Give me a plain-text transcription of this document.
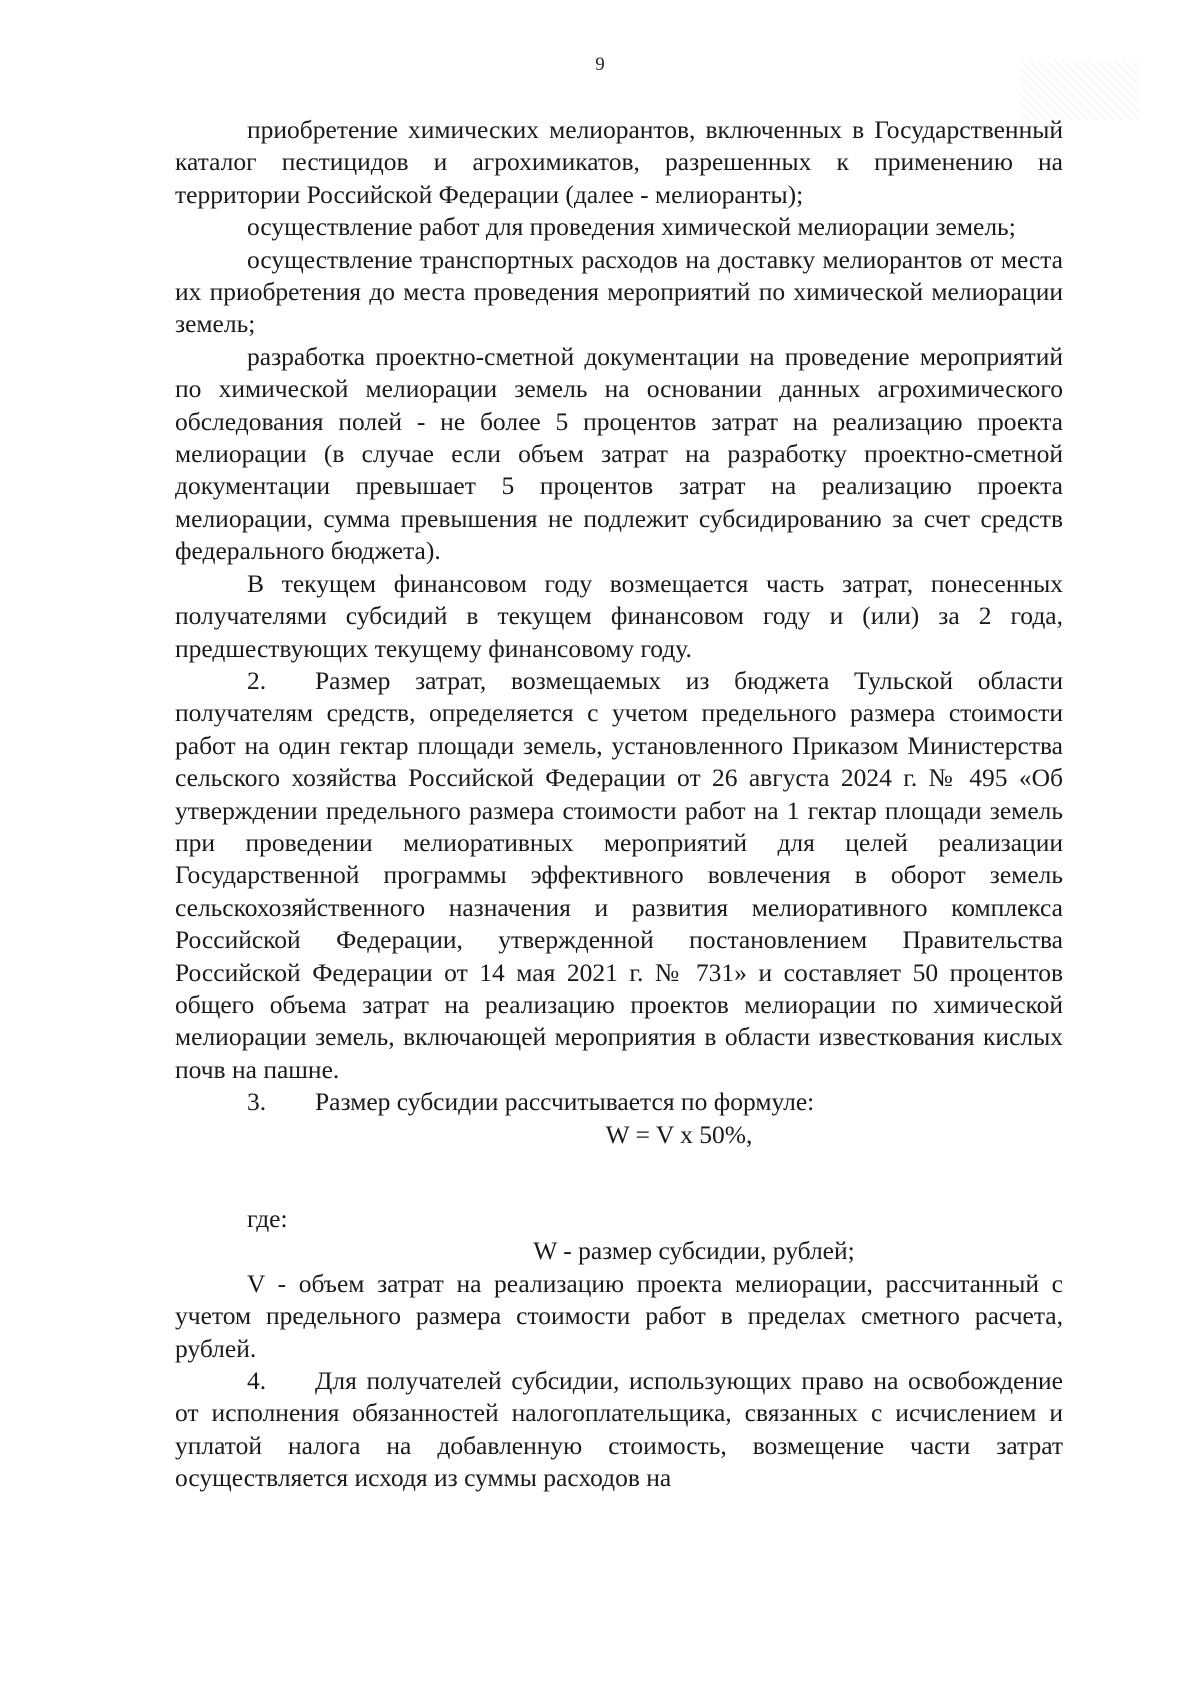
9

приобретение химических мелиорантов, включенных в Государственный каталог пестицидов и агрохимикатов, разрешенных к применению на территории Российской Федерации (далее - мелиоранты);

осуществление работ для проведения химической мелиорации земель;

осуществление транспортных расходов на доставку мелиорантов от места их приобретения до места проведения мероприятий по химической мелиорации земель;

разработка проектно-сметной документации на проведение мероприятий по химической мелиорации земель на основании данных агрохимического обследования полей - не более 5 процентов затрат на реализацию проекта мелиорации (в случае если объем затрат на разработку проектно-сметной документации превышает 5 процентов затрат на реализацию проекта мелиорации, сумма превышения не подлежит субсидированию за счет средств федерального бюджета).

В текущем финансовом году возмещается часть затрат, понесенных получателями субсидий в текущем финансовом году и (или) за 2 года, предшествующих текущему финансовому году.

2. Размер затрат, возмещаемых из бюджета Тульской области получателям средств, определяется с учетом предельного размера стоимости работ на один гектар площади земель, установленного Приказом Министерства сельского хозяйства Российской Федерации от 26 августа 2024 г. № 495 «Об утверждении предельного размера стоимости работ на 1 гектар площади земель при проведении мелиоративных мероприятий для целей реализации Государственной программы эффективного вовлечения в оборот земель сельскохозяйственного назначения и развития мелиоративного комплекса Российской Федерации, утвержденной постановлением Правительства Российской Федерации от 14 мая 2021 г. № 731» и составляет 50 процентов общего объема затрат на реализацию проектов мелиорации по химической мелиорации земель, включающей мероприятия в области известкования кислых почв на пашне.

3. Размер субсидии рассчитывается по формуле:

W = V x 50%,

где:

W - размер субсидии, рублей;

V - объем затрат на реализацию проекта мелиорации, рассчитанный с учетом предельного размера стоимости работ в пределах сметного расчета, рублей.

4. Для получателей субсидии, использующих право на освобождение от исполнения обязанностей налогоплательщика, связанных с исчислением и уплатой налога на добавленную стоимость, возмещение части затрат осуществляется исходя из суммы расходов на
